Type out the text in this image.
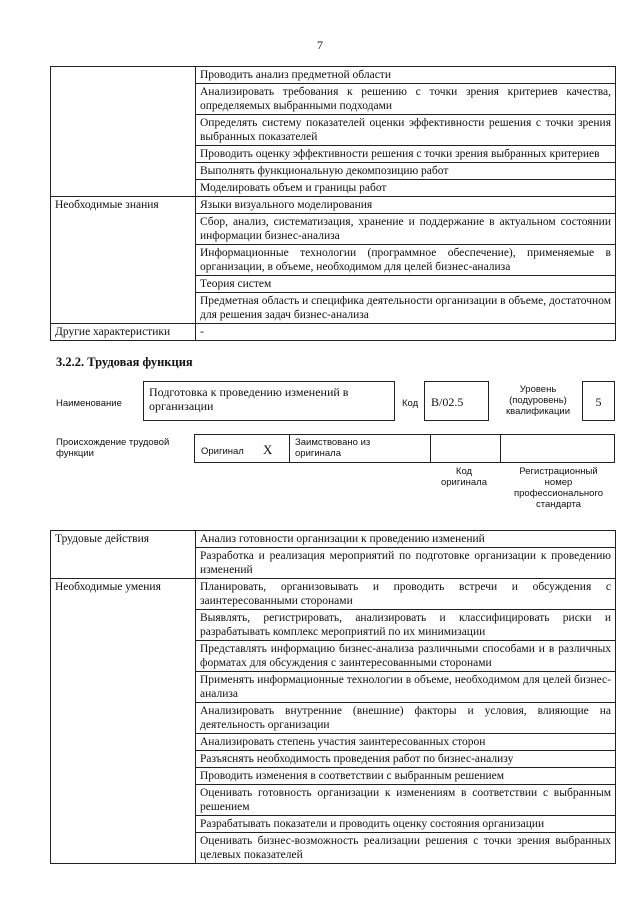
7
	Проводить анализ предметной области
	Анализировать требования к решению с точки зрения критериев качества, определяемых выбранными подходами
	Определять систему показателей оценки эффективности решения с точки зрения выбранных показателей
	Проводить оценку эффективности решения с точки зрения выбранных критериев
	Выполнять функциональную декомпозицию работ
	Моделировать объем и границы работ
Необходимые знания	Языки визуального моделирования
	Сбор, анализ, систематизация, хранение и поддержание в актуальном состоянии информации бизнес-анализа
	Информационные технологии (программное обеспечение), применяемые в организации, в объеме, необходимом для целей бизнес-анализа
	Теория систем
	Предметная область и специфика деятельности организации в объеме, достаточном для решения задач бизнес-анализа
Другие характеристики	-
3.2.2. Трудовая функция
Наименование
Подготовка к проведению изменений в организации	Код	B/02.5
Уровень (подуровень) квалификации
5
Происхождение трудовой функции	Оригинал X Заимствовано из оригинала
Код оригинала
Регистрационный номер профессионального стандарта
Трудовые действия	Анализ готовности организации к проведению изменений
	Разработка и реализация мероприятий по подготовке организации к проведению изменений
Необходимые умения	Планировать, организовывать и проводить встречи и обсуждения с заинтересованными сторонами
	Выявлять, регистрировать, анализировать и классифицировать риски и разрабатывать комплекс мероприятий по их минимизации
	Представлять информацию бизнес-анализа различными способами и в различных форматах для обсуждения с заинтересованными сторонами
	Применять информационные технологии в объеме, необходимом для целей бизнес-анализа
	Анализировать внутренние (внешние) факторы и условия, влияющие на деятельность организации
	Анализировать степень участия заинтересованных сторон
	Разъяснять необходимость проведения работ по бизнес-анализу
	Проводить изменения в соответствии с выбранным решением
	Оценивать готовность организации к изменениям в соответствии с выбранным решением
	Разрабатывать показатели и проводить оценку состояния организации
	Оценивать бизнес-возможность реализации решения с точки зрения выбранных целевых показателей
